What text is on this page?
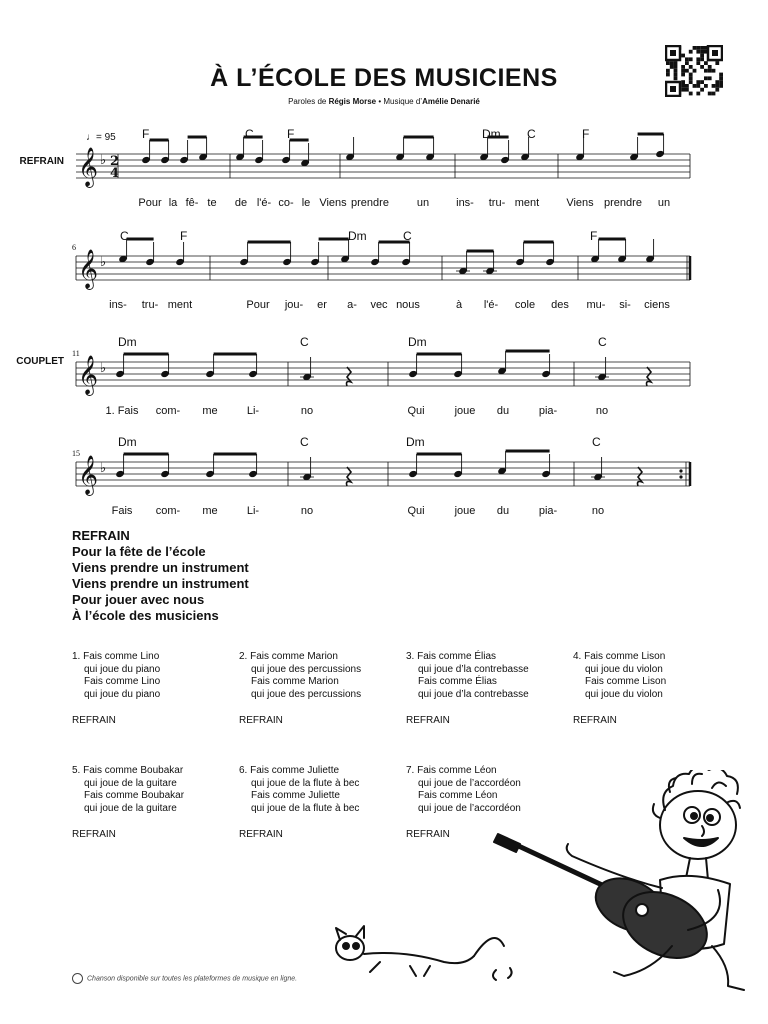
À L’ÉCOLE DES MUSICIENS
Paroles de Régis Morse • Musique d’Amélie Denarié
REFRAIN
COUPLET
𝄞 ♭ 2
4
♩= 95 F	C	F	Dm C	F
Pour la fê- te de l'é- co- le Viens prendre	un ins- tru- ment Viens prendre un
𝄞 ♭
6
C	F	Dm	C	F
ins- tru- ment	Pour jou- er a- vec nous	à l'é- cole des mu- si- ciens
𝄞 ♭
11
Dm	C	Dm	C
1. Fais com- me	Li-	no	Qui	joue du	pia-	no
𝄞 ♭
15
Dm	C	Dm	C
Fais com- me	Li-	no	Qui	joue du	pia-	no
REFRAIN
Pour la fête de l’école
Viens prendre un instrument
Viens prendre un instrument
Pour jouer avec nous
À l’école des musiciens
1. Fais comme Lino
qui joue du piano
Fais comme Lino
qui joue du piano
REFRAIN
2. Fais comme Marion
qui joue des percussions
Fais comme Marion
qui joue des percussions
REFRAIN
3. Fais comme Élias
qui joue d’la contrebasse
Fais comme Élias
qui joue d’la contrebasse
REFRAIN
4. Fais comme Lison
qui joue du violon
Fais comme Lison
qui joue du violon
REFRAIN
5. Fais comme Boubakar
qui joue de la guitare
Fais comme Boubakar
qui joue de la guitare
REFRAIN
6. Fais comme Juliette
qui joue de la flute à bec
Fais comme Juliette
qui joue de la flute à bec
REFRAIN
7. Fais comme Léon
qui joue de l’accordéon
Fais comme Léon
qui joue de l’accordéon
REFRAIN
Chanson disponible sur toutes les plateformes de musique en ligne.
